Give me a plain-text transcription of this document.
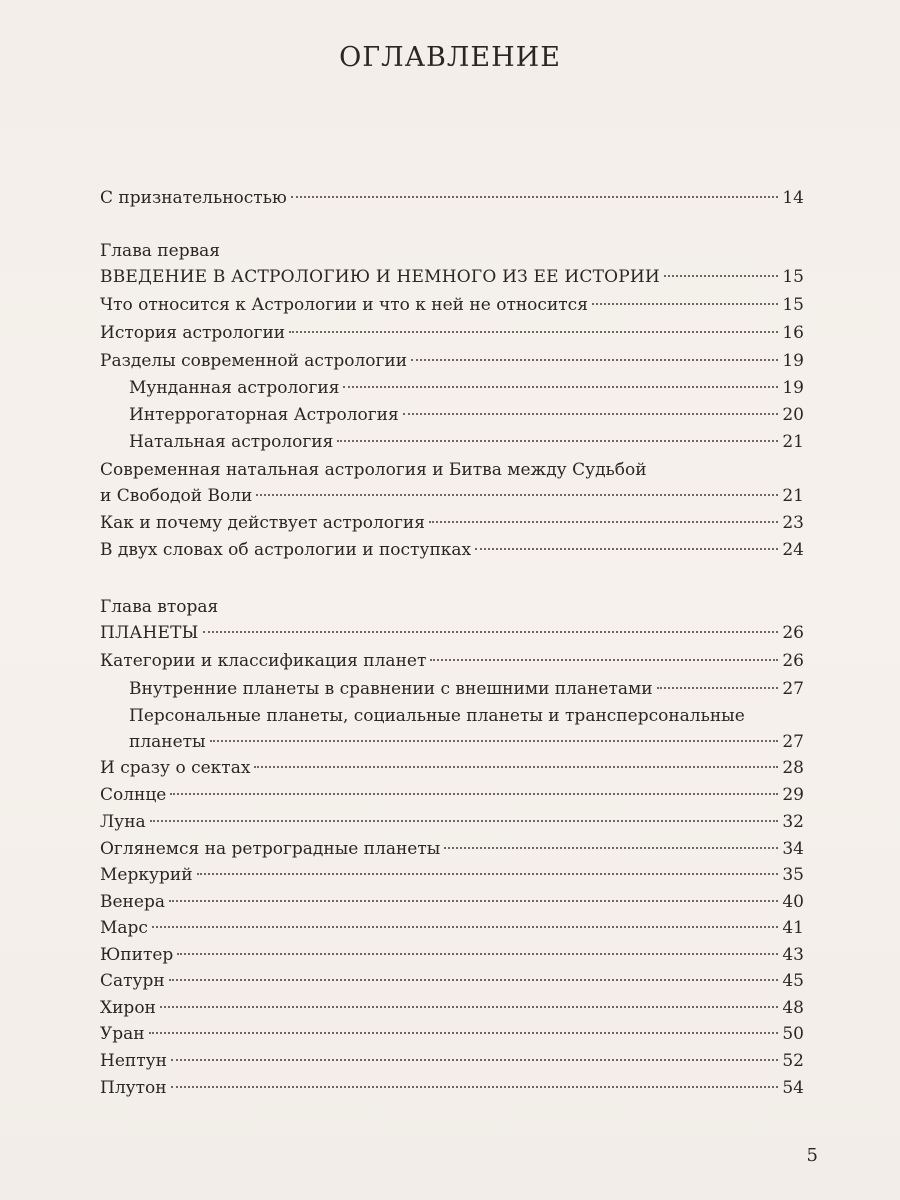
ОГЛАВЛЕНИЕ
С признательностью	14
Глава первая
ВВЕДЕНИЕ В АСТРОЛОГИЮ И НЕМНОГО ИЗ ЕЕ ИСТОРИИ	15
Что относится к Астрологии и что к ней не относится	15
История астрологии	16
Разделы современной астрологии	19
Мунданная астрология	19
Интеррогаторная Астрология	20
Натальная астрология	21
Современная натальная астрология и Битва между Судьбой
и Свободой Воли	21
Как и почему действует астрология	23
В двух словах об астрологии и поступках	24
Глава вторая
ПЛАНЕТЫ	26
Категории и классификация планет	26
Внутренние планеты в сравнении с внешними планетами	27
Персональные планеты, социальные планеты и трансперсональные
планеты	27
И сразу о сектах	28
Солнце	29
Луна	32
Оглянемся на ретроградные планеты	34
Меркурий	35
Венера	40
Марс	41
Юпитер	43
Сатурн	45
Хирон	48
Уран	50
Нептун	52
Плутон	54
5
